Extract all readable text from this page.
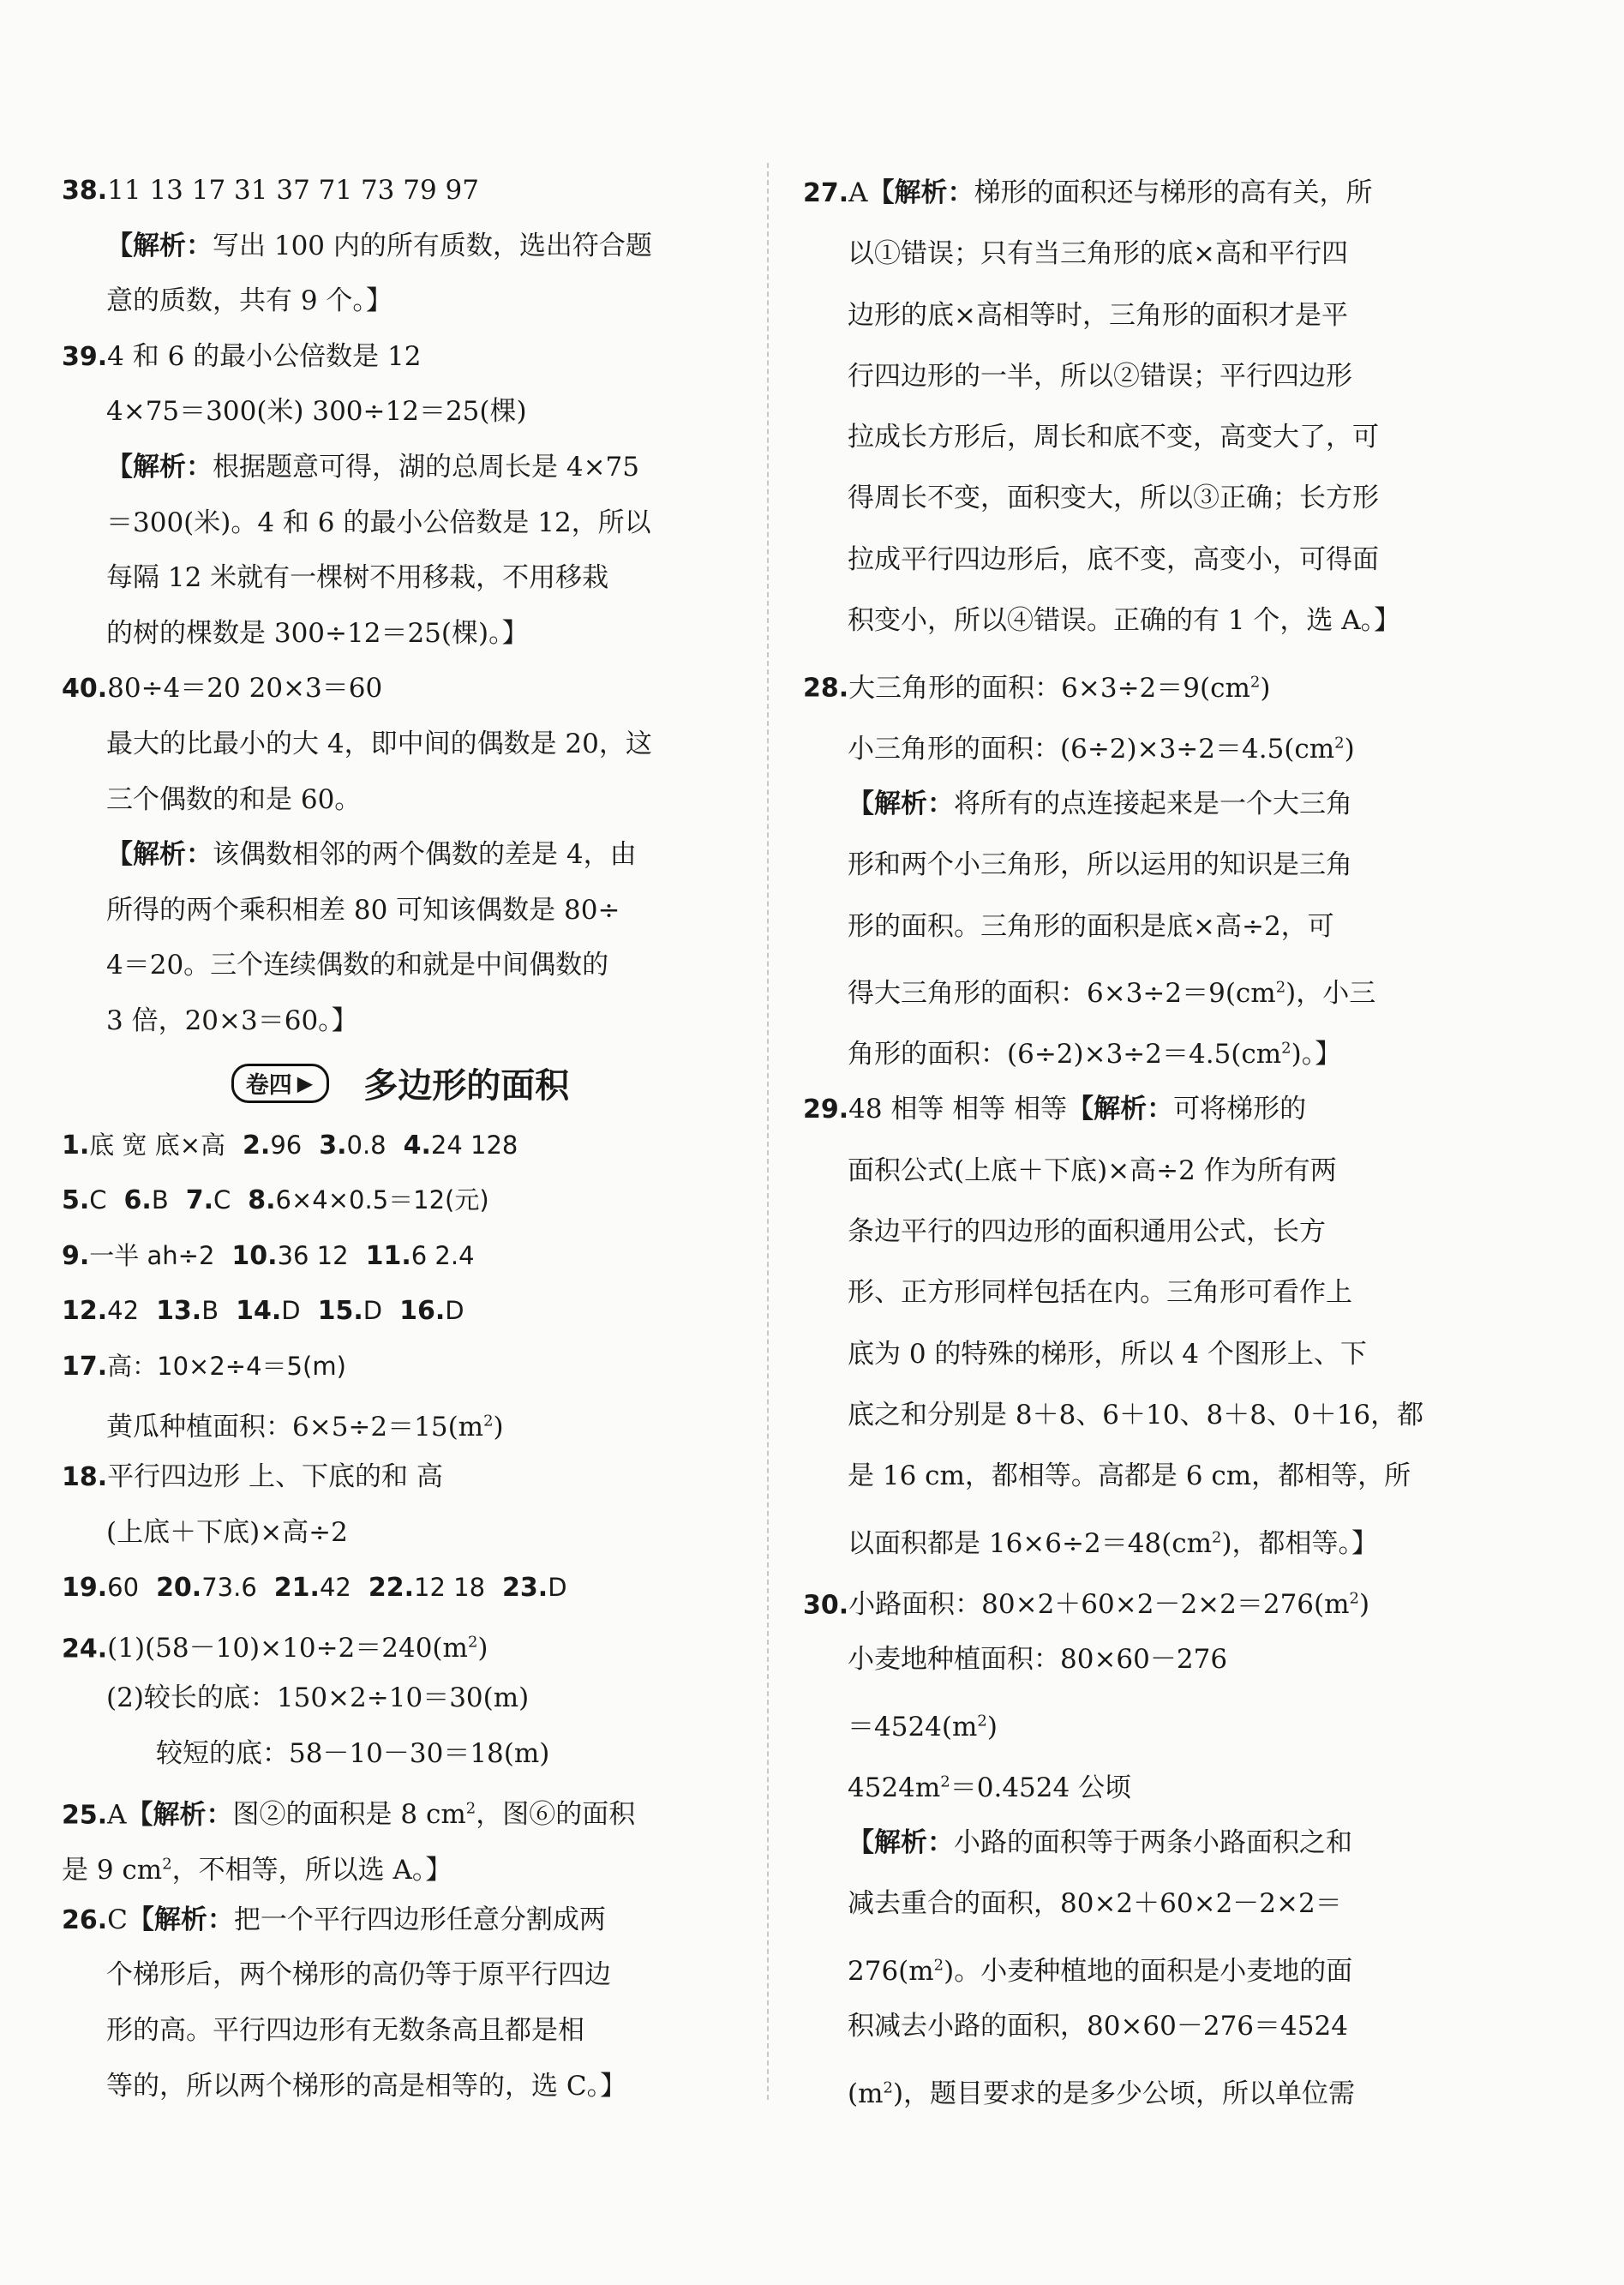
38.11 13 17 31 37 71 73 79 97
【解析：写出 100 内的所有质数，选出符合题
意的质数，共有 9 个。】
39.4 和 6 的最小公倍数是 12
4×75＝300(米) 300÷12＝25(棵)
【解析：根据题意可得，湖的总周长是 4×75
＝300(米)。4 和 6 的最小公倍数是 12，所以
每隔 12 米就有一棵树不用移栽，不用移栽
的树的棵数是 300÷12＝25(棵)。】
40.80÷4＝20 20×3＝60
最大的比最小的大 4，即中间的偶数是 20，这
三个偶数的和是 60。
【解析：该偶数相邻的两个偶数的差是 4，由
所得的两个乘积相差 80 可知该偶数是 80÷
4＝20。三个连续偶数的和就是中间偶数的
3 倍，20×3＝60。】
卷四 ▶ 多边形的面积
1.底 宽 底×高 2.96 3.0.8 4.24 128
5.C 6.B 7.C 8.6×4×0.5＝12(元)
9.一半 ah÷2 10.36 12 11.6 2.4
12.42 13.B 14.D 15.D 16.D
17.高：10×2÷4＝5(m)
黄瓜种植面积：$6\times 5\div 2=15(m^2)$
18.平行四边形 上、下底的和 高
(上底＋下底)×高÷2
19.60 20.73.6 21.42 22.12 18 23.D
$24.(1)(58-10)\times 10\div 2=240(m^2)$
(2)较长的底：150×2÷10＝30(m)
较短的底：58－10－30＝18(m)
25.A【解析：图②的面积是 8 $cm^2$，图⑥的面积
是 9 $cm^2$，不相等，所以选 A。】
26.C【解析：把一个平行四边形任意分割成两
个梯形后，两个梯形的高仍等于原平行四边
形的高。平行四边形有无数条高且都是相
等的，所以两个梯形的高是相等的，选 C。】
27.A【解析：梯形的面积还与梯形的高有关，所
以①错误；只有当三角形的底×高和平行四
边形的底×高相等时，三角形的面积才是平
行四边形的一半，所以②错误；平行四边形
拉成长方形后，周长和底不变，高变大了，可
得周长不变，面积变大，所以③正确；长方形
拉成平行四边形后，底不变，高变小，可得面
积变小，所以④错误。正确的有 1 个，选 A。】
28.大三角形的面积：$6\times 3\div 2=9(cm^2)$
小三角形的面积：$(6\div 2)\times 3\div 2=4.5(cm^2)$
【解析：将所有的点连接起来是一个大三角
形和两个小三角形，所以运用的知识是三角
形的面积。三角形的面积是底×高÷2，可
得大三角形的面积：$6\times 3\div 2=9(cm^2)$，小三
角形的面积：$(6\div 2)\times 3\div 2=4.5(cm^2)$。】
29.48 相等 相等 相等【解析：可将梯形的
面积公式(上底＋下底)×高÷2 作为所有两
条边平行的四边形的面积通用公式，长方
形、正方形同样包括在内。三角形可看作上
底为 0 的特殊的梯形，所以 4 个图形上、下
底之和分别是 8＋8、6＋10、8＋8、0＋16，都
是 16 cm，都相等。高都是 6 cm，都相等，所
以面积都是 $16\times 6\div 2=48(cm^2)$，都相等。】
30.小路面积：$80\times 2+60\times 2-2\times 2=276(m^2)$
小麦地种植面积：80×60－276
$=4524(m^2)$
$4524m^2=0.4524$ 公顷
【解析：小路的面积等于两条小路面积之和
减去重合的面积，80×2＋60×2－2×2＝
$276(m^2)$。小麦种植地的面积是小麦地的面
积减去小路的面积，80×60－276＝4524
$(m^2)$，题目要求的是多少公顷，所以单位需
